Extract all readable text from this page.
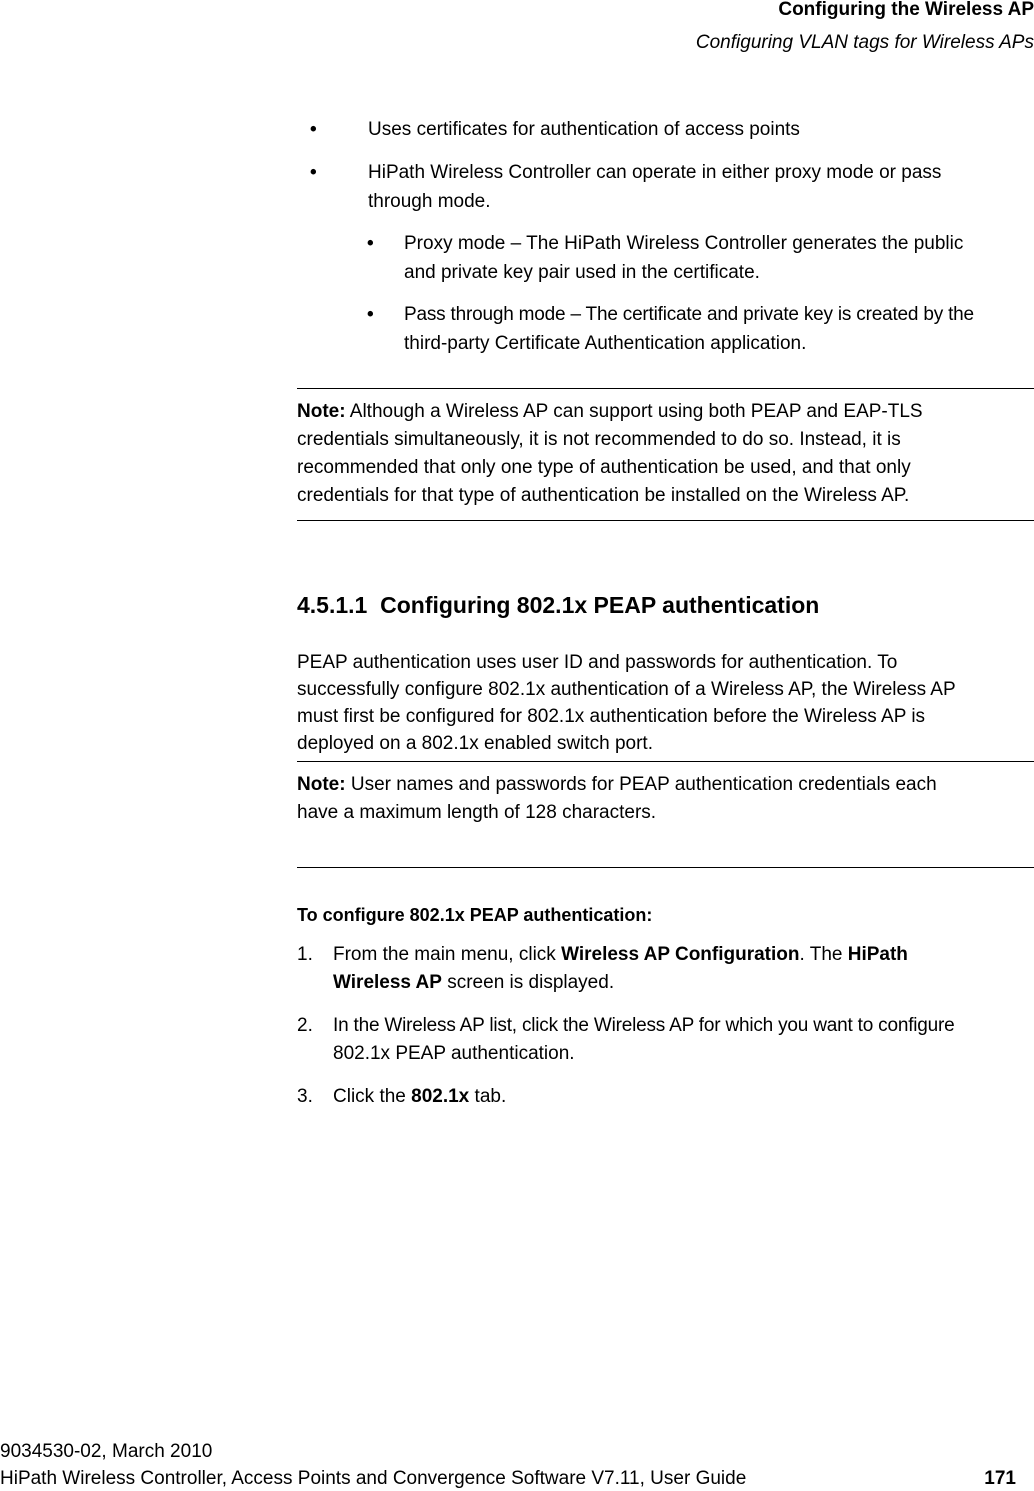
Configuring the Wireless AP
Configuring VLAN tags for Wireless APs
•	Uses certificates for authentication of access points
•	HiPath Wireless Controller can operate in either proxy mode or pass
through mode.
• Proxy mode – The HiPath Wireless Controller generates the public
and private key pair used in the certificate.
• Pass through mode – The certificate and private key is created by the
third-party Certificate Authentication application.
Note: Although a Wireless AP can support using both PEAP and EAP-TLS
credentials simultaneously, it is not recommended to do so. Instead, it is
recommended that only one type of authentication be used, and that only
credentials for that type of authentication be installed on the Wireless AP.
4.5.1.1 Configuring 802.1x PEAP authentication
PEAP authentication uses user ID and passwords for authentication. To
successfully configure 802.1x authentication of a Wireless AP, the Wireless AP
must first be configured for 802.1x authentication before the Wireless AP is
deployed on a 802.1x enabled switch port.
Note: User names and passwords for PEAP authentication credentials each
have a maximum length of 128 characters.
To configure 802.1x PEAP authentication:
1. From the main menu, click Wireless AP Configuration. The HiPath
Wireless AP screen is displayed.
2. In the Wireless AP list, click the Wireless AP for which you want to configure
802.1x PEAP authentication.
3. Click the 802.1x tab.
9034530-02, March 2010
HiPath Wireless Controller, Access Points and Convergence Software V7.11, User Guide	171
